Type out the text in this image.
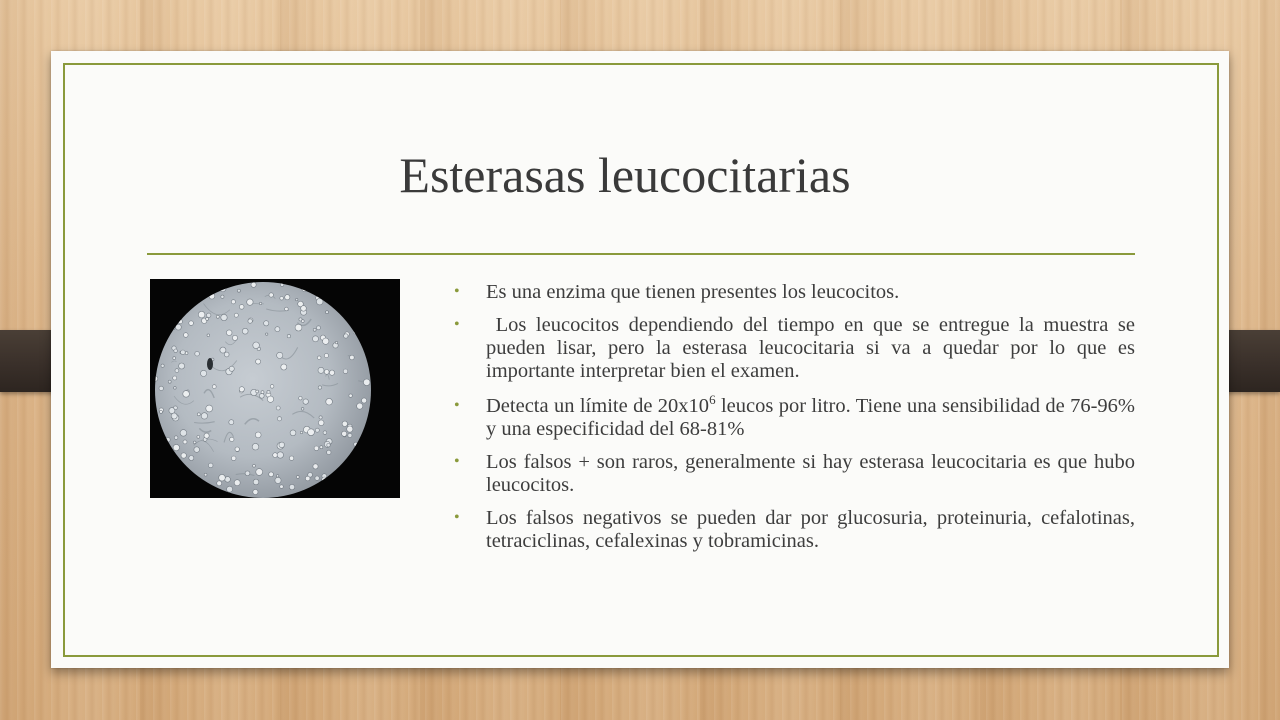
Esterasas leucocitarias
• Es una enzima que tienen presentes los leucocitos.
• Los leucocitos dependiendo del tiempo en que se entregue la muestra se pueden lisar, pero la esterasa leucocitaria si va a quedar por lo que es importante interpretar bien el examen.
• Detecta un límite de $20x10^6$ leucos por litro. Tiene una sensibilidad de 76-96% y una especificidad del 68-81%
• Los falsos + son raros, generalmente si hay esterasa leucocitaria es que hubo leucocitos.
• Los falsos negativos se pueden dar por glucosuria, proteinuria, cefalotinas, tetraciclinas, cefalexinas y tobramicinas.
